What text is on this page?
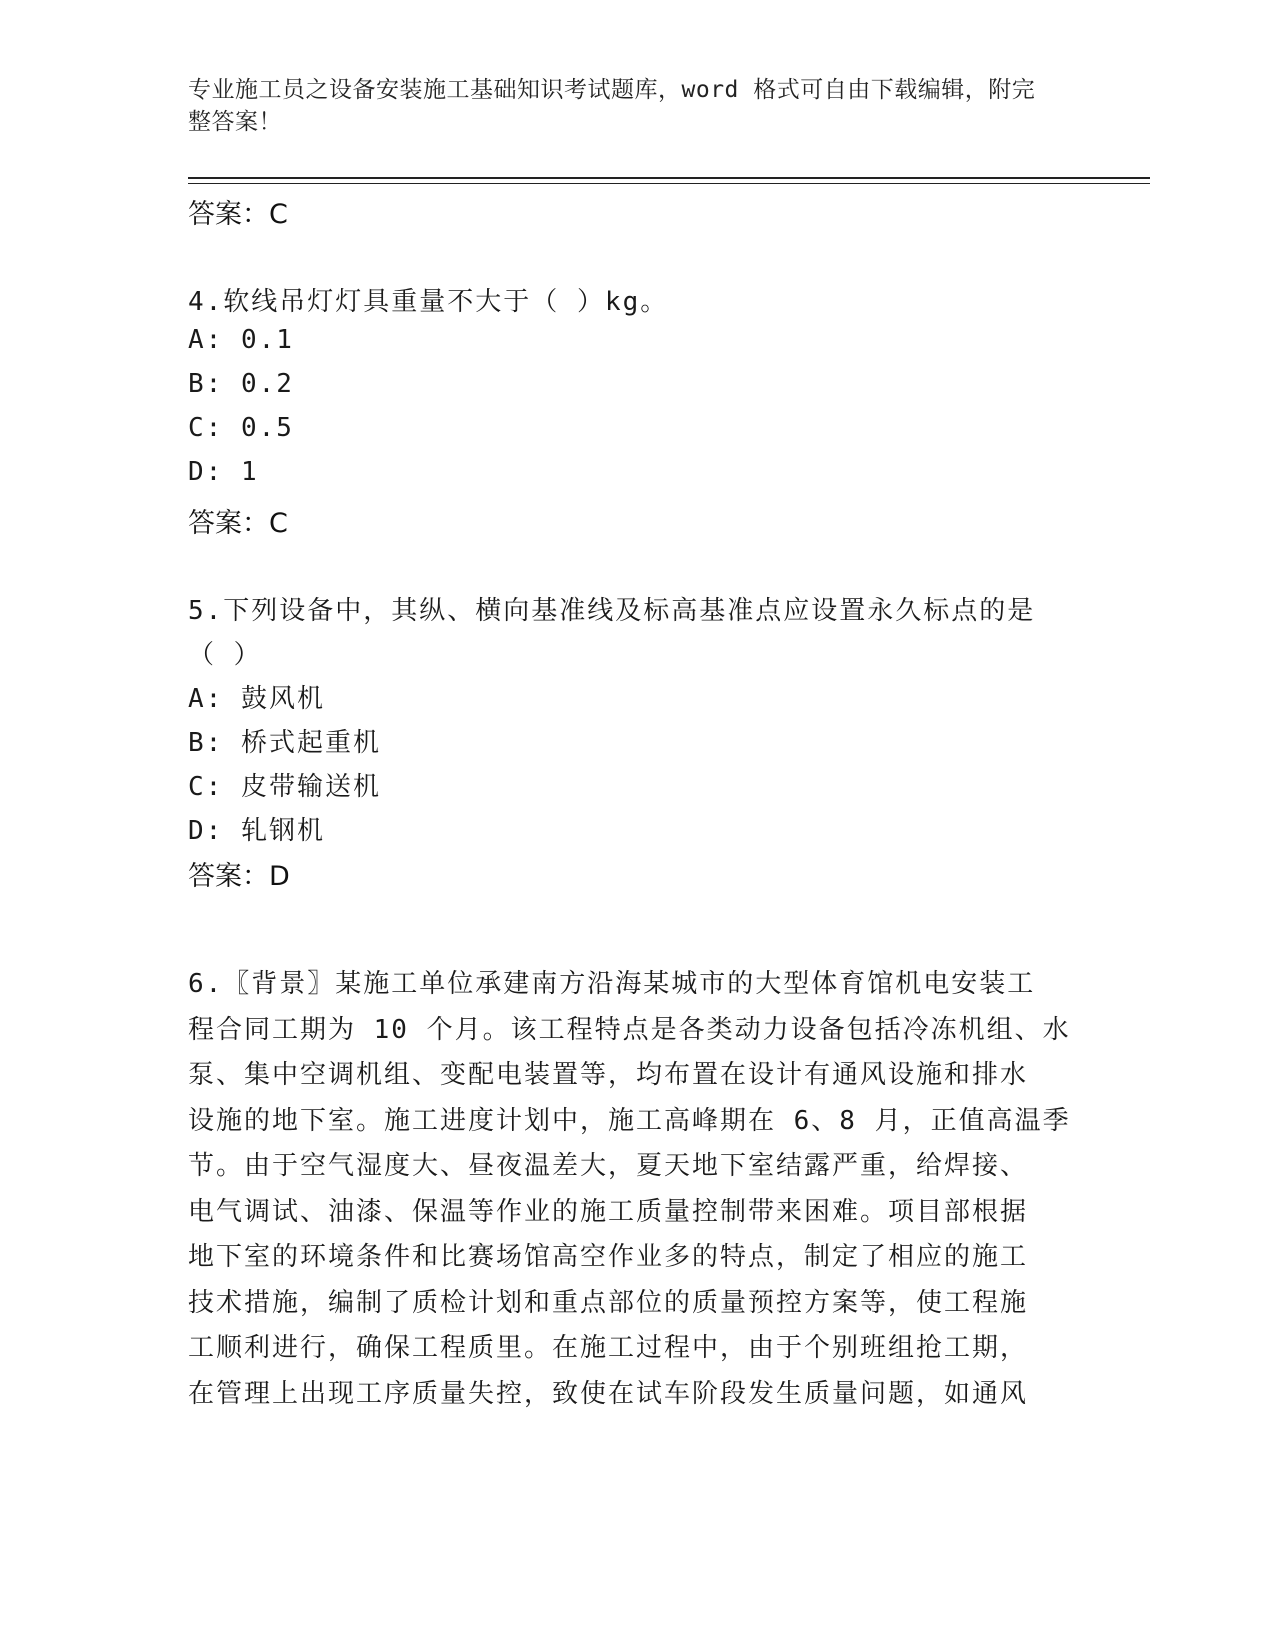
专业施工员之设备安装施工基础知识考试题库，word 格式可自由下载编辑，附完
整答案！
答案：C
4.软线吊灯灯具重量不大于（ ）kg。
A: 0.1
B: 0.2
C: 0.5
D: 1
答案：C
5.下列设备中，其纵、横向基准线及标高基准点应设置永久标点的是
（ ）
A: 鼓风机
B: 桥式起重机
C: 皮带输送机
D: 轧钢机
答案：D
6.〖背景〗某施工单位承建南方沿海某城市的大型体育馆机电安装工
程合同工期为 10 个月。该工程特点是各类动力设备包括冷冻机组、水
泵、集中空调机组、变配电装置等，均布置在设计有通风设施和排水
设施的地下室。施工进度计划中，施工高峰期在 6、8 月，正值高温季
节。由于空气湿度大、昼夜温差大，夏天地下室结露严重，给焊接、
电气调试、油漆、保温等作业的施工质量控制带来困难。项目部根据
地下室的环境条件和比赛场馆高空作业多的特点，制定了相应的施工
技术措施，编制了质检计划和重点部位的质量预控方案等，使工程施
工顺利进行，确保工程质里。在施工过程中，由于个别班组抢工期，
在管理上出现工序质量失控，致使在试车阶段发生质量问题，如通风
